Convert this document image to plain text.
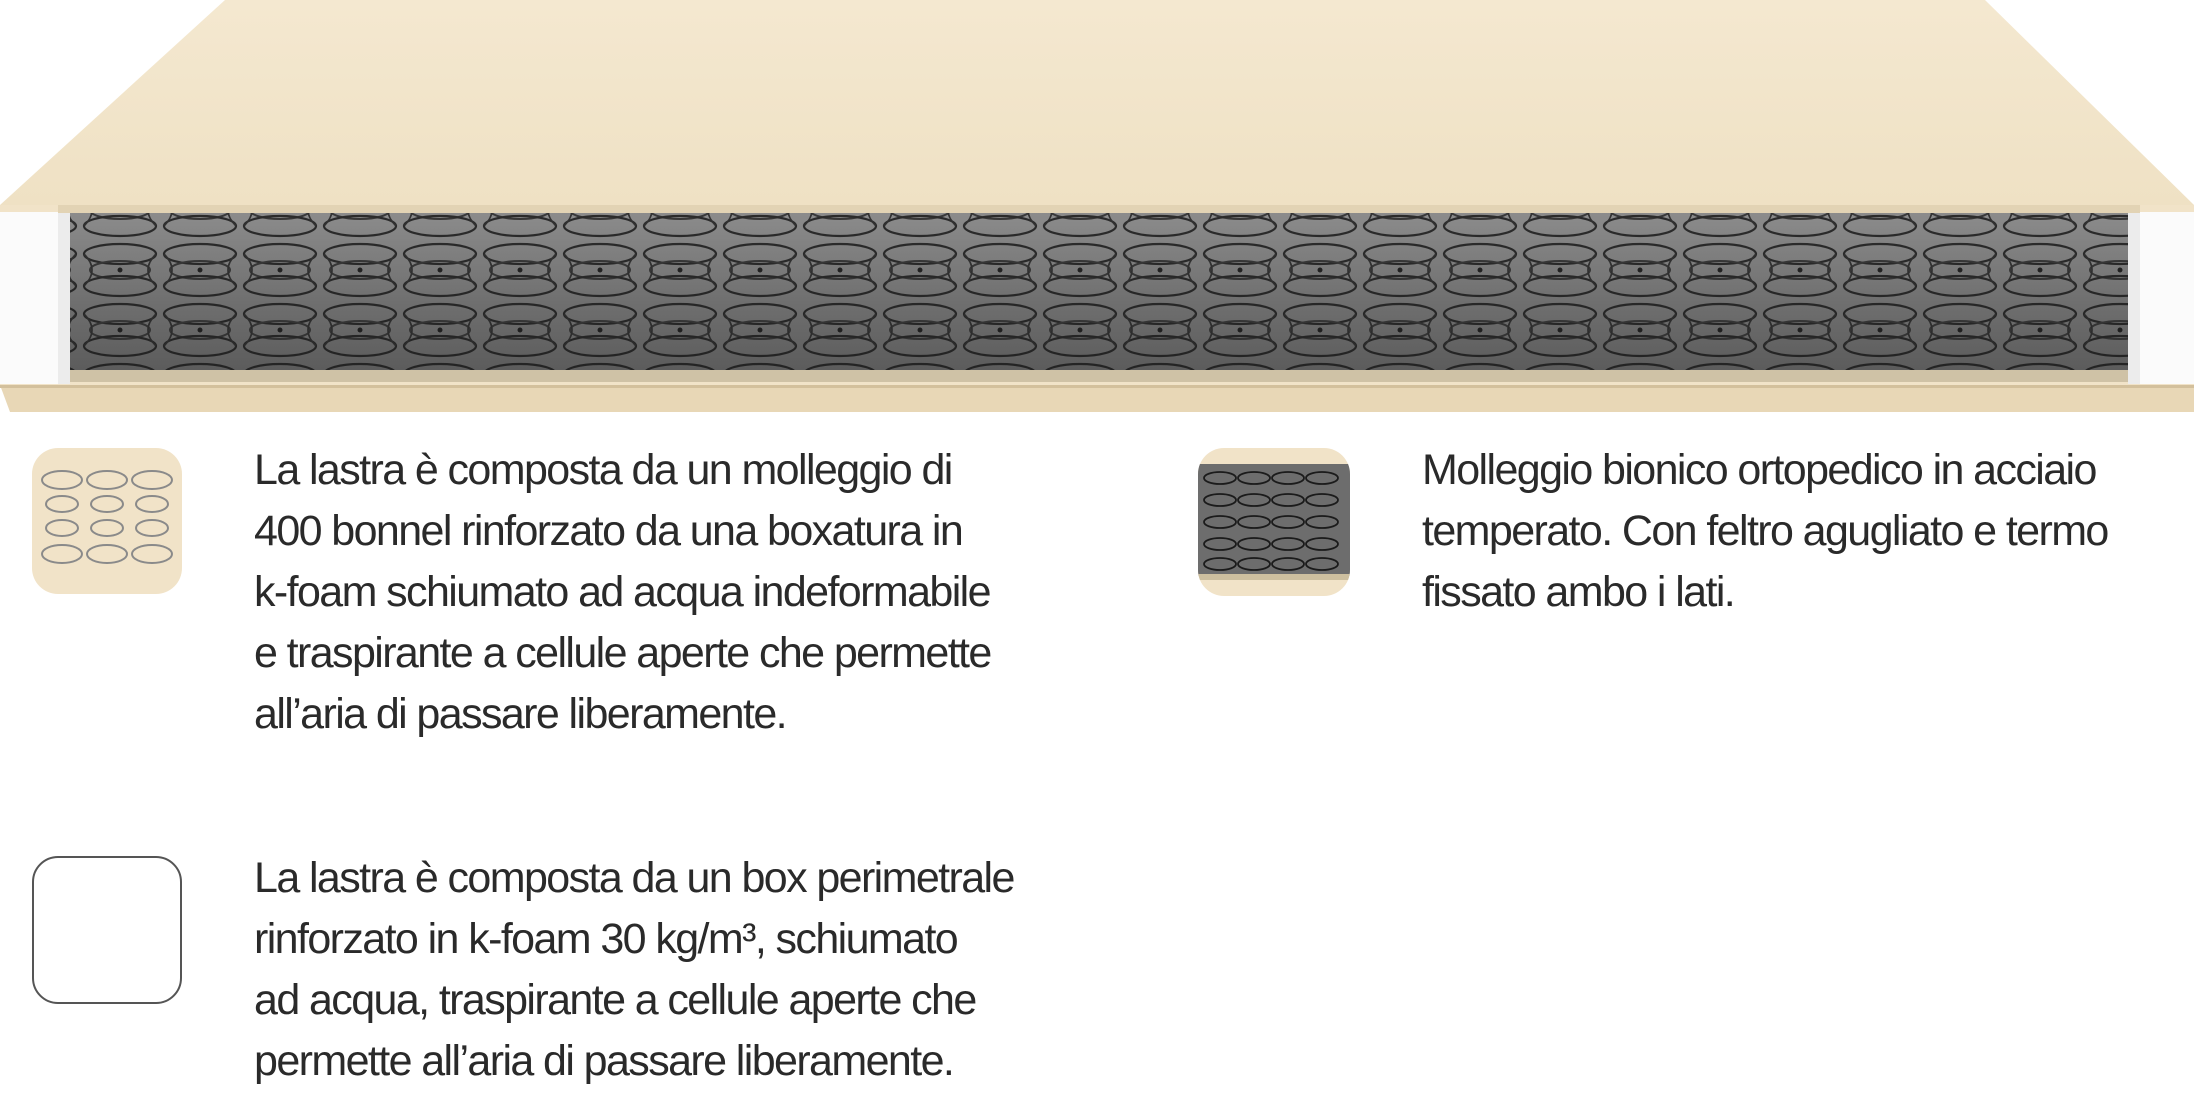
La lastra è composta da un molleggio di
400 bonnel rinforzato da una boxatura in
k-foam schiumato ad acqua indeformabile
e traspirante a cellule aperte che permette
all’aria di passare liberamente.

Molleggio bionico ortopedico in acciaio
temperato. Con feltro agugliato e termo
fissato ambo i lati.

La lastra è composta da un box perimetrale
rinforzato in k-foam 30 kg/m³, schiumato
ad acqua, traspirante a cellule aperte che
permette all’aria di passare liberamente.
